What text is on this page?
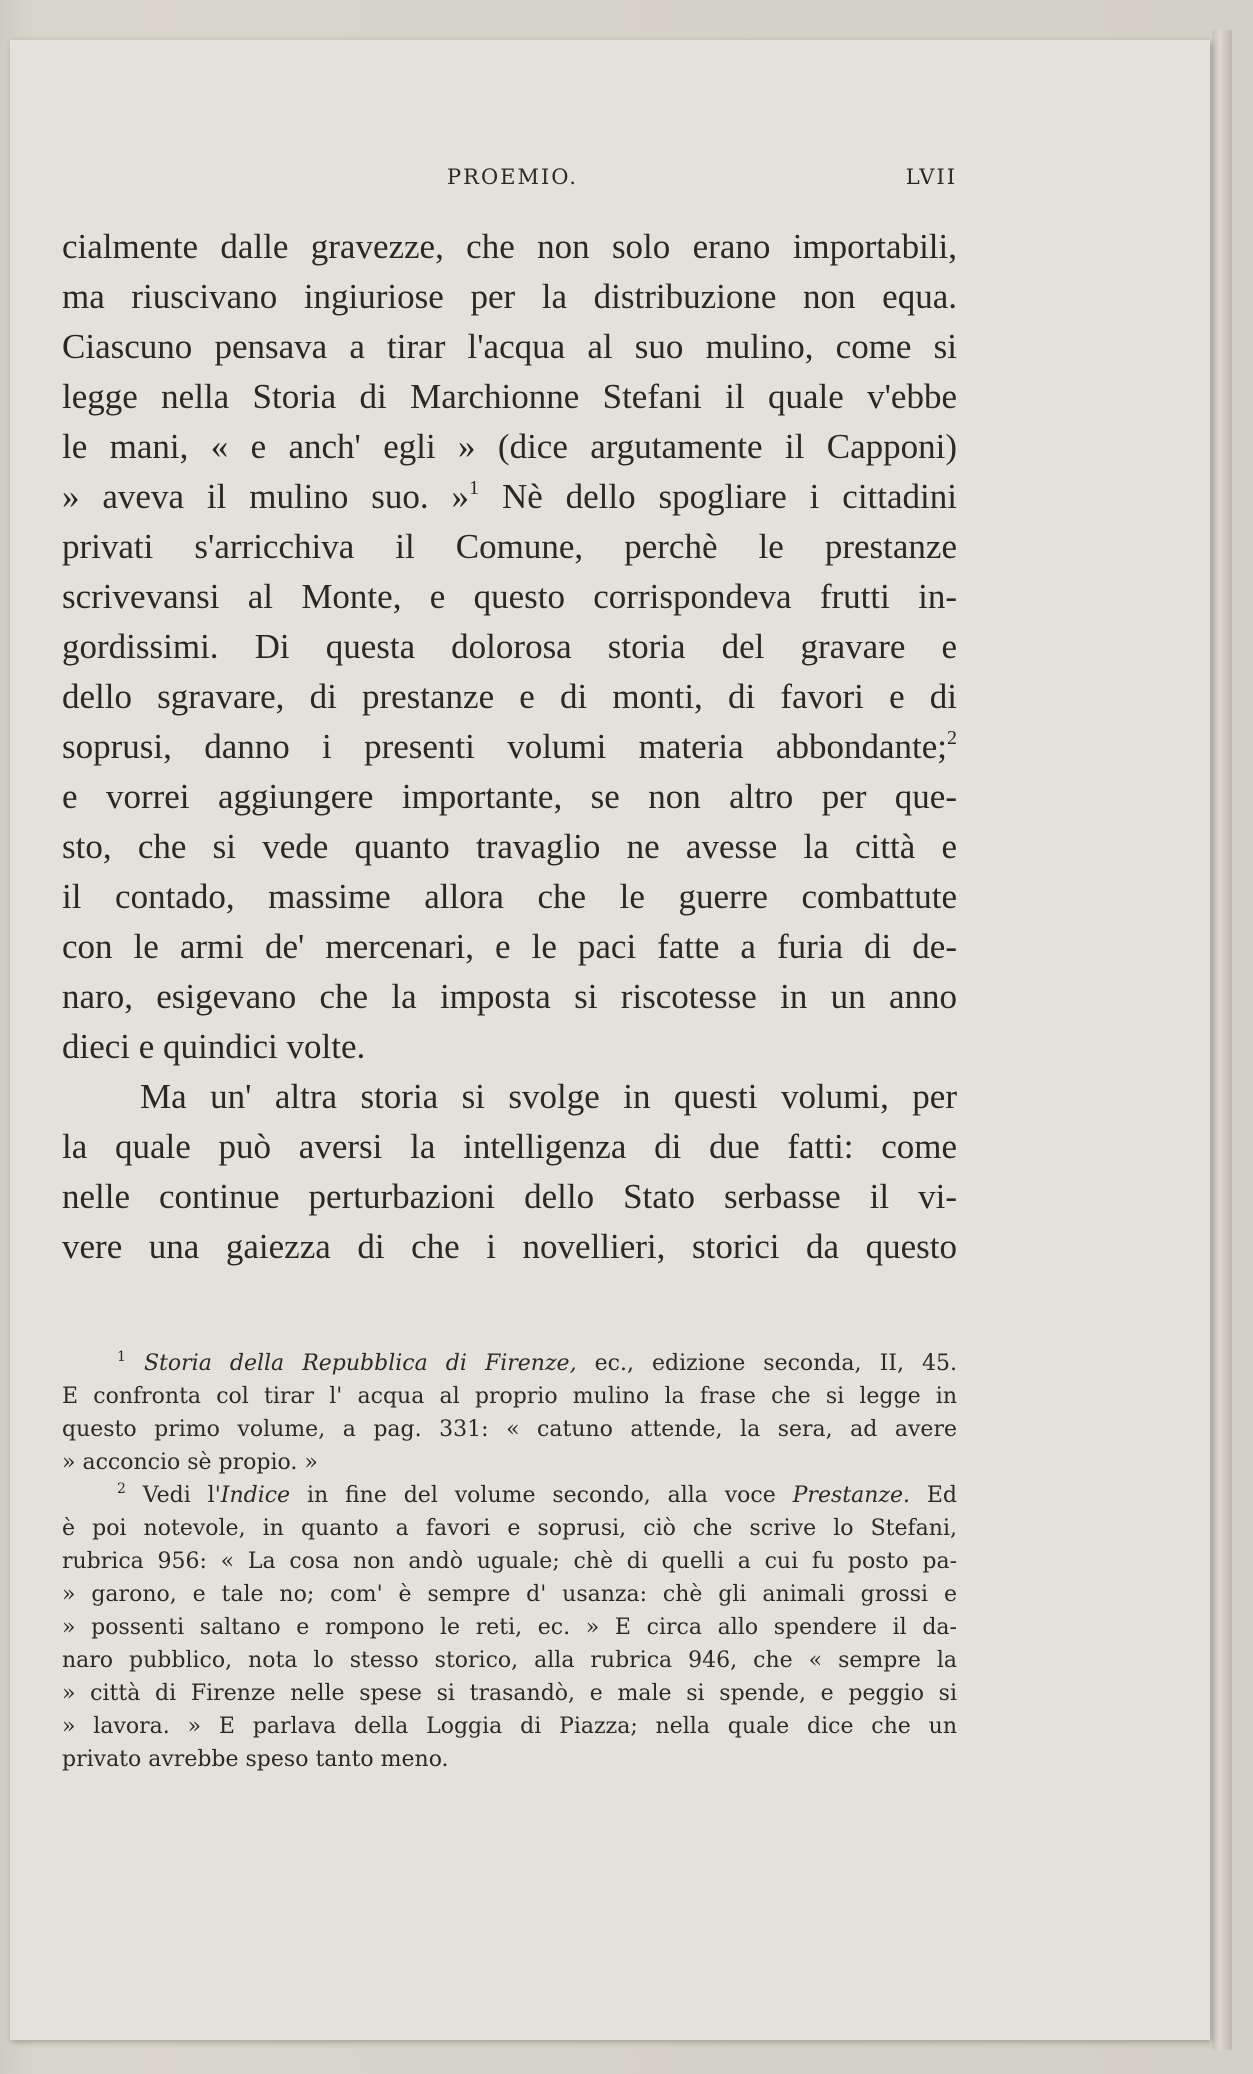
PROEMIO.	LVII
cialmente dalle gravezze, che non solo erano importabili,
ma riuscivano ingiuriose per la distribuzione non equa.
Ciascuno pensava a tirar l'acqua al suo mulino, come si
legge nella Storia di Marchionne Stefani il quale v'ebbe
le mani, « e anch' egli » (dice argutamente il Capponi)
» aveva il mulino suo. »$^1$ Nè dello spogliare i cittadini
privati s'arricchiva il Comune, perchè le prestanze
scrivevansi al Monte, e questo corrispondeva frutti in-
gordissimi. Di questa dolorosa storia del gravare e
dello sgravare, di prestanze e di monti, di favori e di
soprusi, danno i presenti volumi materia abbondante;$^2$
e vorrei aggiungere importante, se non altro per que-
sto, che si vede quanto travaglio ne avesse la città e
il contado, massime allora che le guerre combattute
con le armi de' mercenari, e le paci fatte a furia di de-
naro, esigevano che la imposta si riscotesse in un anno
dieci e quindici volte.
Ma un' altra storia si svolge in questi volumi, per
la quale può aversi la intelligenza di due fatti: come
nelle continue perturbazioni dello Stato serbasse il vi-
vere una gaiezza di che i novellieri, storici da questo
$^1$ Storia della Repubblica di Firenze, ec., edizione seconda, II, 45.
E confronta col tirar l' acqua al proprio mulino la frase che si legge in
questo primo volume, a pag. 331: « catuno attende, la sera, ad avere
» acconcio sè propio. »
$^2$ Vedi l'Indice in fine del volume secondo, alla voce Prestanze. Ed
è poi notevole, in quanto a favori e soprusi, ciò che scrive lo Stefani,
rubrica 956: « La cosa non andò uguale; chè di quelli a cui fu posto pa-
» garono, e tale no; com' è sempre d' usanza: chè gli animali grossi e
» possenti saltano e rompono le reti, ec. » E circa allo spendere il da-
naro pubblico, nota lo stesso storico, alla rubrica 946, che « sempre la
» città di Firenze nelle spese si trasandò, e male si spende, e peggio si
» lavora. » E parlava della Loggia di Piazza; nella quale dice che un
privato avrebbe speso tanto meno.
